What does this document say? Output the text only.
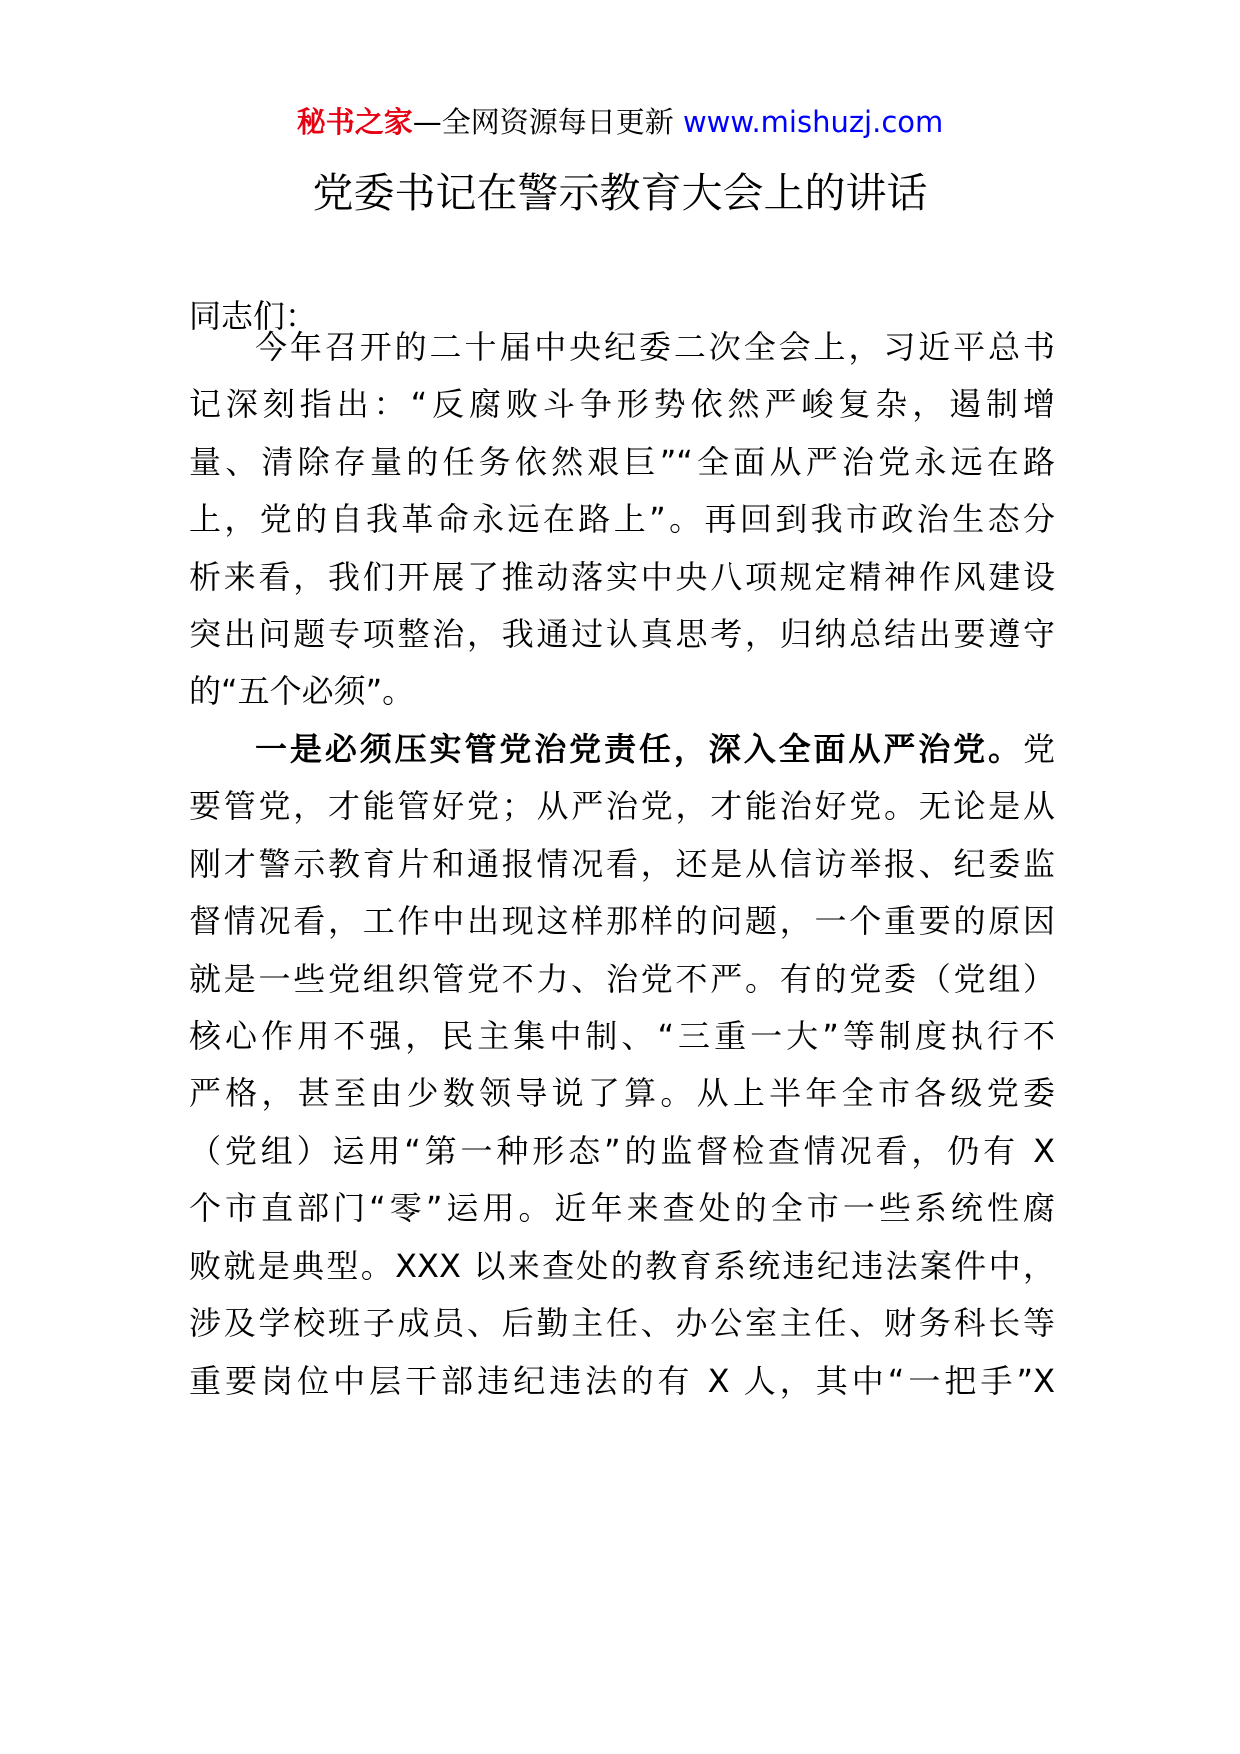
秘书之家—全网资源每日更新 www.mishuzj.com
党委书记在警示教育大会上的讲话
同志们：
今年召开的二十届中央纪委二次全会上，习近平总书
记深刻指出：“反腐败斗争形势依然严峻复杂，遏制增
量、清除存量的任务依然艰巨”“全面从严治党永远在路
上，党的自我革命永远在路上”。再回到我市政治生态分
析来看，我们开展了推动落实中央八项规定精神作风建设
突出问题专项整治，我通过认真思考，归纳总结出要遵守
的“五个必须”。
一是必须压实管党治党责任，深入全面从严治党。党
要管党，才能管好党；从严治党，才能治好党。无论是从
刚才警示教育片和通报情况看，还是从信访举报、纪委监
督情况看，工作中出现这样那样的问题，一个重要的原因
就是一些党组织管党不力、治党不严。有的党委（党组）
核心作用不强，民主集中制、“三重一大”等制度执行不
严格，甚至由少数领导说了算。从上半年全市各级党委
（党组）运用“第一种形态”的监督检查情况看，仍有 X
个市直部门“零”运用。近年来查处的全市一些系统性腐
败就是典型。XXX 以来查处的教育系统违纪违法案件中，
涉及学校班子成员、后勤主任、办公室主任、财务科长等
重要岗位中层干部违纪违法的有 X 人，其中“一把手”X
